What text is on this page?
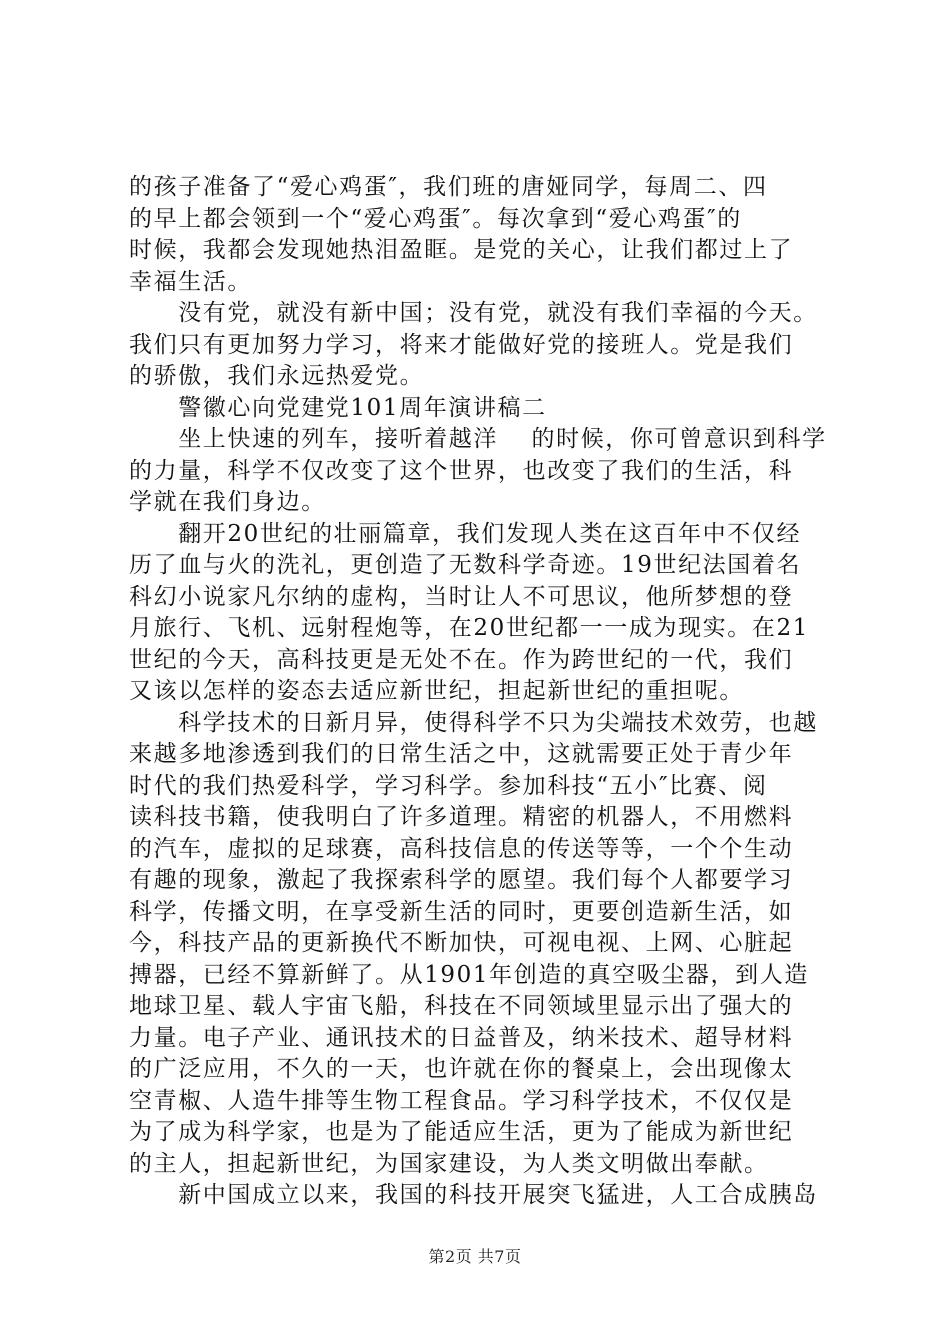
的孩子准备了“爱心鸡蛋″，我们班的唐娅同学，每周二、四
的早上都会领到一个“爱心鸡蛋″。每次拿到“爱心鸡蛋″的
时候，我都会发现她热泪盈眶。是党的关心，让我们都过上了
幸福生活。
　　没有党，就没有新中国；没有党，就没有我们幸福的今天。
我们只有更加努力学习，将来才能做好党的接班人。党是我们
的骄傲，我们永远热爱党。
　　警徽心向党建党101周年演讲稿二
　　坐上快速的列车，接听着越洋　 的时候，你可曾意识到科学
的力量，科学不仅改变了这个世界，也改变了我们的生活，科
学就在我们身边。
　　翻开20世纪的壮丽篇章，我们发现人类在这百年中不仅经
历了血与火的洗礼，更创造了无数科学奇迹。19世纪法国着名
科幻小说家凡尔纳的虚构，当时让人不可思议，他所梦想的登
月旅行、飞机、远射程炮等，在20世纪都一一成为现实。在21
世纪的今天，高科技更是无处不在。作为跨世纪的一代，我们
又该以怎样的姿态去适应新世纪，担起新世纪的重担呢。
　　科学技术的日新月异，使得科学不只为尖端技术效劳，也越
来越多地渗透到我们的日常生活之中，这就需要正处于青少年
时代的我们热爱科学，学习科学。参加科技“五小″比赛、阅
读科技书籍，使我明白了许多道理。精密的机器人，不用燃料
的汽车，虚拟的足球赛，高科技信息的传送等等，一个个生动
有趣的现象，激起了我探索科学的愿望。我们每个人都要学习
科学，传播文明，在享受新生活的同时，更要创造新生活，如
今，科技产品的更新换代不断加快，可视电视、上网、心脏起
搏器，已经不算新鲜了。从1901年创造的真空吸尘器，到人造
地球卫星、载人宇宙飞船，科技在不同领域里显示出了强大的
力量。电子产业、通讯技术的日益普及，纳米技术、超导材料
的广泛应用，不久的一天，也许就在你的餐桌上，会出现像太
空青椒、人造牛排等生物工程食品。学习科学技术，不仅仅是
为了成为科学家，也是为了能适应生活，更为了能成为新世纪
的主人，担起新世纪，为国家建设，为人类文明做出奉献。
　　新中国成立以来，我国的科技开展突飞猛进，人工合成胰岛
第2页 共7页
